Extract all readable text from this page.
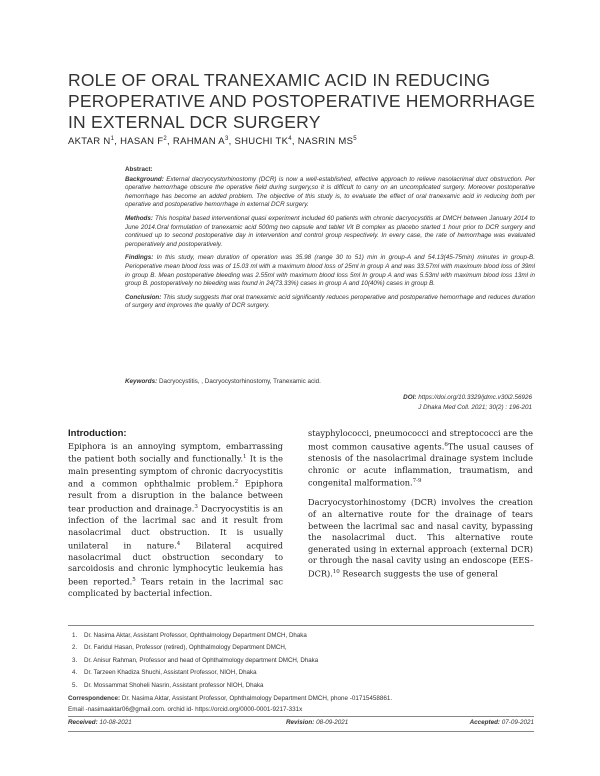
ROLE OF ORAL TRANEXAMIC ACID IN REDUCING PEROPERATIVE AND POSTOPERATIVE HEMORRHAGE IN EXTERNAL DCR SURGERY
AKTAR $N^1$, HASAN $F^2$, RAHMAN $A^3$, SHUCHI $TK^4$, NASRIN $MS^5$
Abstract:

Background: External dacryocystorhinostomy (DCR) is now a well-established, effective approach to relieve nasolacrimal duct obstruction. Per operative hemorrhage obscure the operative field during surgery,so it is difficult to carry on an uncomplicated surgery. Moreover postoperative hemorrhage has become an added problem. The objective of this study is, to evaluate the effect of oral tranexamic acid in reducing both per operative and postoperative hemorrhage in external DCR surgery.

Methods: This hospital based interventional quasi experiment included 60 patients with chronic dacryocystitis at DMCH between January 2014 to June 2014.Oral formulation of tranexamic acid 500mg two capsule and tablet Vit B complex as placebo started 1 hour prior to DCR surgery and continued up to second postoperative day in intervention and control group respectively. In every case, the rate of hemorrhage was evaluated peroperatively and postoperatively.

Findings: In this study, mean duration of operation was 35.98 (range 30 to 51) min in group-A and 54.13(45-75min) minutes in group-B. Perioperative mean blood loss was of 15.03 ml with a maximum blood loss of 25ml in group A and was 33.57ml with maximum blood loss of 39ml in group B. Mean postoperative bleeding was 2.55ml with maximum blood loss 5ml In group A and was 5.53ml with maximum blood loss 13ml in group B. postoperatively no bleeding was found in 24(73.33%) cases in group A and 10(40%) cases in group B.

Conclusion: This study suggests that oral tranexamic acid significantly reduces peroperative and postoperative hemorrhage and reduces duration of surgery and improves the quality of DCR surgery.

Keywords: Dacryocystitis, , Dacryocystorhinostomy, Tranexamic acid.
DOI: https://doi.org/10.3329/jdmc.v30i2.56926
J Dhaka Med Coll. 2021; 30(2) : 196-201
Introduction:

Epiphora is an annoying symptom, embarrassing the patient both socially and functionally.$^1$ It is the main presenting symptom of chronic dacryocystitis and a common ophthalmic problem.$^2$ Epiphora result from a disruption in the balance between tear production and drainage.$^3$ Dacryocystitis is an infection of the lacrimal sac and it result from nasolacrimal duct obstruction. It is usually unilateral in nature.$^4$ Bilateral acquired nasolacrimal duct obstruction secondary to sarcoidosis and chronic lymphocytic leukemia has been reported.$^5$ Tears retain in the lacrimal sac complicated by bacterial infection.

stayphylococci, pneumococci and streptococci are the most common causative agents.$^6$The usual causes of stenosis of the nasolacrimal drainage system include chronic or acute inflammation, traumatism, and congenital malformation.$^{7-9}$

Dacryocystorhinostomy (DCR) involves the creation of an alternative route for the drainage of tears between the lacrimal sac and nasal cavity, bypassing the nasolacrimal duct. This alternative route generated using in external approach (external DCR) or through the nasal cavity using an endoscope (EES-DCR).$^{10}$ Research suggests the use of general

1. Dr. Nasima Aktar, Assistant Professor, Ophthalmology Department DMCH, Dhaka
2. Dr. Faridul Hasan, Professor (retired), Ophthalmology Department DMCH,
3. Dr. Anisur Rahman, Professor and head of Ophthalmology department DMCH, Dhaka
4. Dr. Tarzeen Khadiza Shuchi, Assistant Professor, NIOH, Dhaka
5. Dr. Mossammat Shoheli Nasrin, Assistant professor NIOH, Dhaka
Correspondence: Dr. Nasima Aktar, Assistant Professor, Ophthalmology Department DMCH, phone -01715458861.
Email -nasimaaktar06@gmail.com. orchid id- https://orcid.org/0000-0001-9217-331x
Received: 10-08-2021	Revision: 08-09-2021	Accepted: 07-09-2021
